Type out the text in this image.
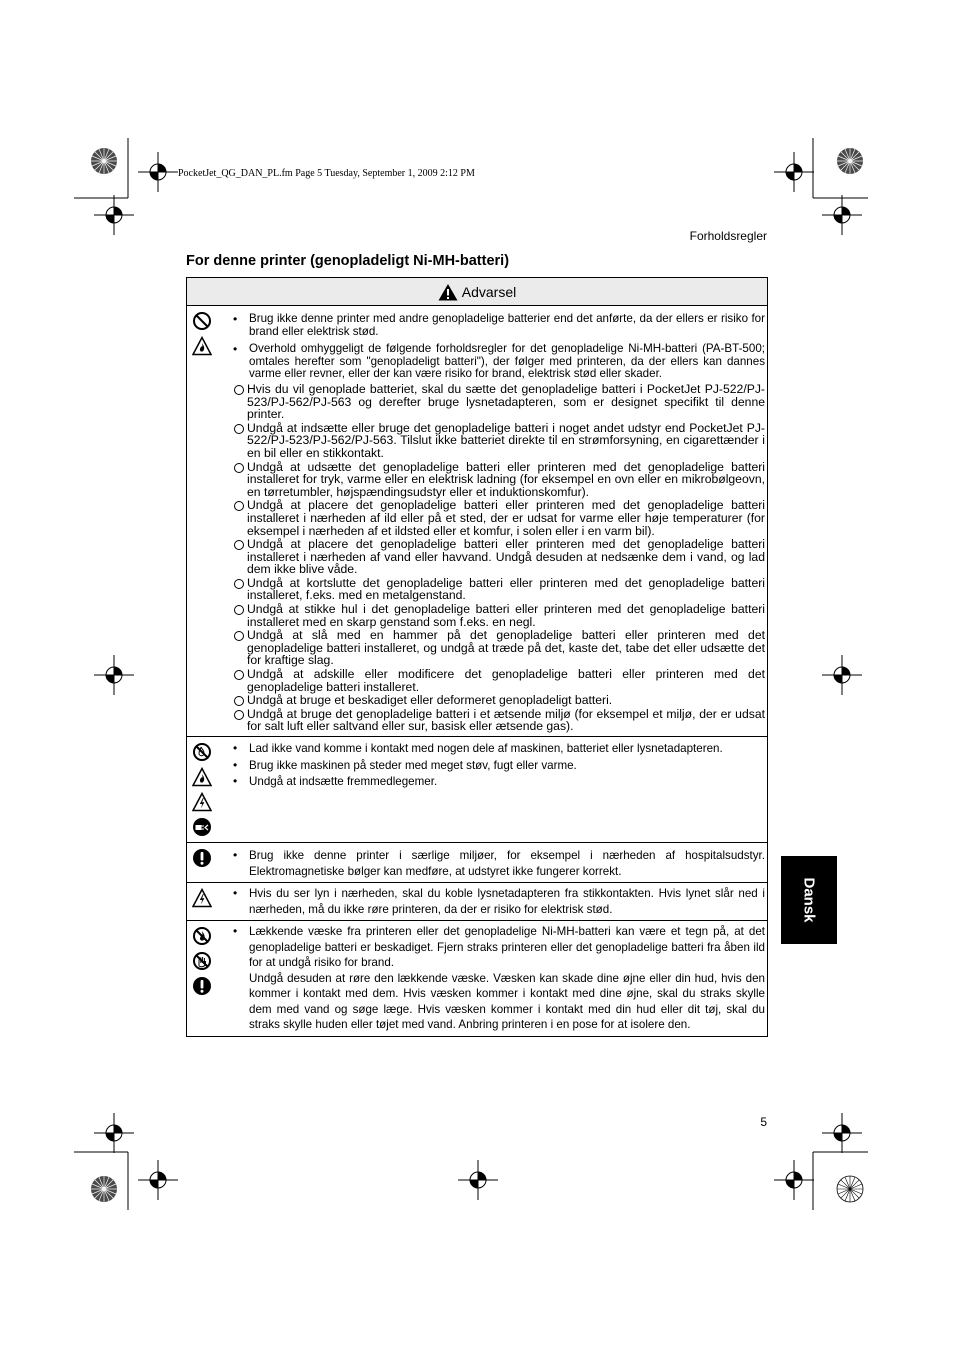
PocketJet_QG_DAN_PL.fm Page 5 Tuesday, September 1, 2009 2:12 PM
Forholdsregler
For denne printer (genopladeligt Ni-MH-batteri)
Advarsel
• Brug ikke denne printer med andre genopladelige batterier end det anførte, da der ellers er risiko for brand eller elektrisk stød.
• Overhold omhyggeligt de følgende forholdsregler for det genopladelige Ni-MH-batteri (PA-BT-500; omtales herefter som "genopladeligt batteri"), der følger med printeren, da der ellers kan dannes varme eller revner, eller der kan være risiko for brand, elektrisk stød eller skader.
Hvis du vil genoplade batteriet, skal du sætte det genopladelige batteri i PocketJet PJ-522/PJ-523/PJ-562/PJ-563 og derefter bruge lysnetadapteren, som er designet specifikt til denne printer.
Undgå at indsætte eller bruge det genopladelige batteri i noget andet udstyr end PocketJet PJ-522/PJ-523/PJ-562/PJ-563. Tilslut ikke batteriet direkte til en strømforsyning, en cigarettænder i en bil eller en stikkontakt.
Undgå at udsætte det genopladelige batteri eller printeren med det genopladelige batteri installeret for tryk, varme eller en elektrisk ladning (for eksempel en ovn eller en mikrobølgeovn, en tørretumbler, højspændingsudstyr eller et induktionskomfur).
Undgå at placere det genopladelige batteri eller printeren med det genopladelige batteri installeret i nærheden af ild eller på et sted, der er udsat for varme eller høje temperaturer (for eksempel i nærheden af et ildsted eller et komfur, i solen eller i en varm bil).
Undgå at placere det genopladelige batteri eller printeren med det genopladelige batteri installeret i nærheden af vand eller havvand. Undgå desuden at nedsænke dem i vand, og lad dem ikke blive våde.
Undgå at kortslutte det genopladelige batteri eller printeren med det genopladelige batteri installeret, f.eks. med en metalgenstand.
Undgå at stikke hul i det genopladelige batteri eller printeren med det genopladelige batteri installeret med en skarp genstand som f.eks. en negl.
Undgå at slå med en hammer på det genopladelige batteri eller printeren med det genopladelige batteri installeret, og undgå at træde på det, kaste det, tabe det eller udsætte det for kraftige slag.
Undgå at adskille eller modificere det genopladelige batteri eller printeren med det genopladelige batteri installeret.
Undgå at bruge et beskadiget eller deformeret genopladeligt batteri.
Undgå at bruge det genopladelige batteri i et ætsende miljø (for eksempel et miljø, der er udsat for salt luft eller saltvand eller sur, basisk eller ætsende gas).
• Lad ikke vand komme i kontakt med nogen dele af maskinen, batteriet eller lysnetadapteren.
• Brug ikke maskinen på steder med meget støv, fugt eller varme.
• Undgå at indsætte fremmedlegemer.
• Brug ikke denne printer i særlige miljøer, for eksempel i nærheden af hospitalsudstyr. Elektromagnetiske bølger kan medføre, at udstyret ikke fungerer korrekt.
• Hvis du ser lyn i nærheden, skal du koble lysnetadapteren fra stikkontakten. Hvis lynet slår ned i nærheden, må du ikke røre printeren, da der er risiko for elektrisk stød.
• Lækkende væske fra printeren eller det genopladelige Ni-MH-batteri kan være et tegn på, at det genopladelige batteri er beskadiget. Fjern straks printeren eller det genopladelige batteri fra åben ild for at undgå risiko for brand.
Undgå desuden at røre den lækkende væske. Væsken kan skade dine øjne eller din hud, hvis den kommer i kontakt med dem. Hvis væsken kommer i kontakt med dine øjne, skal du straks skylle dem med vand og søge læge. Hvis væsken kommer i kontakt med din hud eller dit tøj, skal du straks skylle huden eller tøjet med vand. Anbring printeren i en pose for at isolere den.
Dansk
5
